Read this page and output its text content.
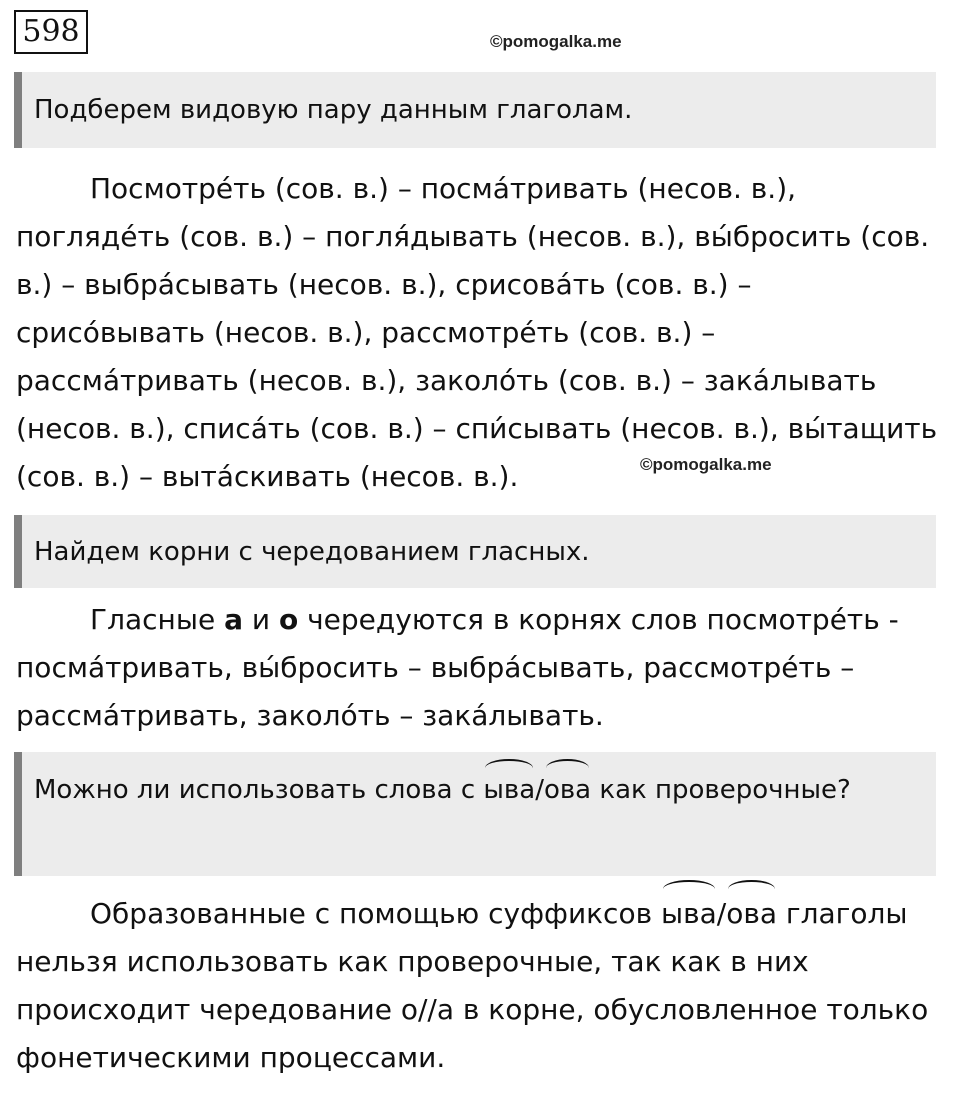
598	©pomogalka.me
Подберем видовую пару данным глаголам.

Посмотре́ть (сов. в.) – посма́тривать (несов. в.), погляде́ть (сов. в.) – погля́дывать (несов. в.), вы́бросить (сов. в.) – выбра́сывать (несов. в.), срисова́ть (сов. в.) – срисо́вывать (несов. в.), рассмотре́ть (сов. в.) – рассма́тривать (несов. в.), заколо́ть (сов. в.) – зака́лывать (несов. в.), списа́ть (сов. в.) – спи́сывать (несов. в.), вы́тащить (сов. в.) – выта́скивать (несов. в.).	©pomogalka.me
Найдем корни с чередованием гласных.

Гласные а и о чередуются в корнях слов посмотре́ть - посма́тривать, вы́бросить – выбра́сывать, рассмотре́ть – рассма́тривать, заколо́ть – зака́лывать.

Можно ли использовать слова с ыва/ова как проверочные?

Образованные с помощью суффиксов ыва/ова глаголы нельзя использовать как проверочные, так как в них происходит чередование о//а в корне, обусловленное только фонетическими процессами.
